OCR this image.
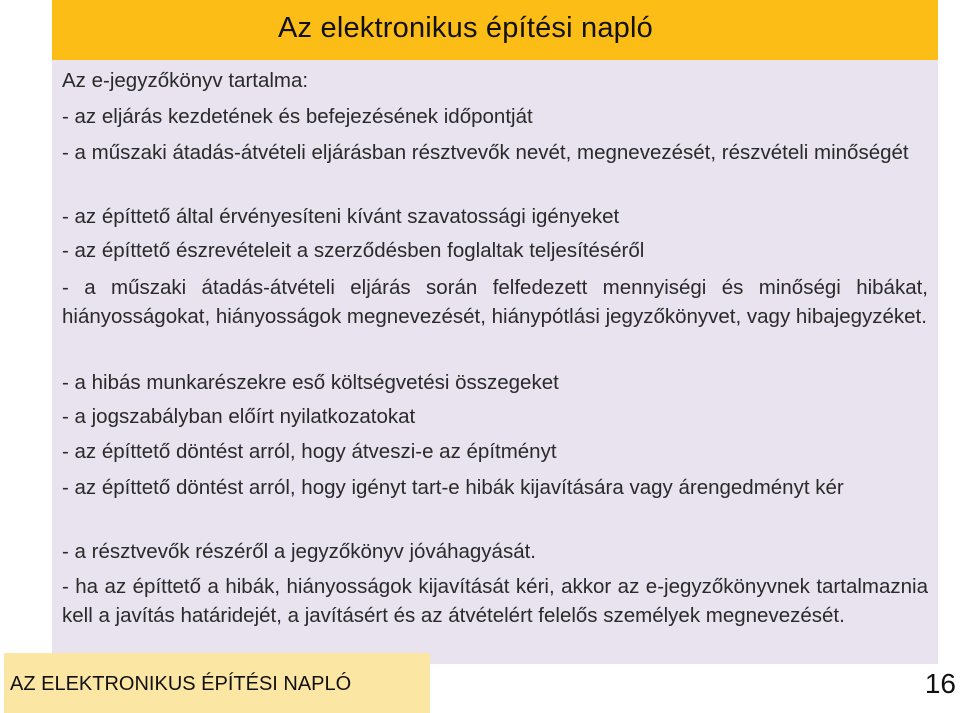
Az elektronikus építési napló
Az e-jegyzőkönyv tartalma:
- az eljárás kezdetének és befejezésének időpontját
- a műszaki átadás-átvételi eljárásban résztvevők nevét, megnevezését, részvételi minőségét
- az építtető által érvényesíteni kívánt szavatossági igényeket
- az építtető észrevételeit a szerződésben foglaltak teljesítéséről
- a műszaki átadás-átvételi eljárás során felfedezett mennyiségi és minőségi hibákat, hiányosságokat, hiányosságok megnevezését, hiánypótlási jegyzőkönyvet, vagy hibajegyzéket.
- a hibás munkarészekre eső költségvetési összegeket
- a jogszabályban előírt nyilatkozatokat
- az építtető döntést arról, hogy átveszi-e az építményt
- az építtető döntést arról, hogy igényt tart-e hibák kijavítására vagy árengedményt kér
- a résztvevők részéről a jegyzőkönyv jóváhagyását.
- ha az építtető a hibák, hiányosságok kijavítását kéri, akkor az e-jegyzőkönyvnek tartalmaznia kell a javítás határidejét, a javításért és az átvételért felelős személyek megnevezését.
AZ ELEKTRONIKUS ÉPÍTÉSI NAPLÓ	16
